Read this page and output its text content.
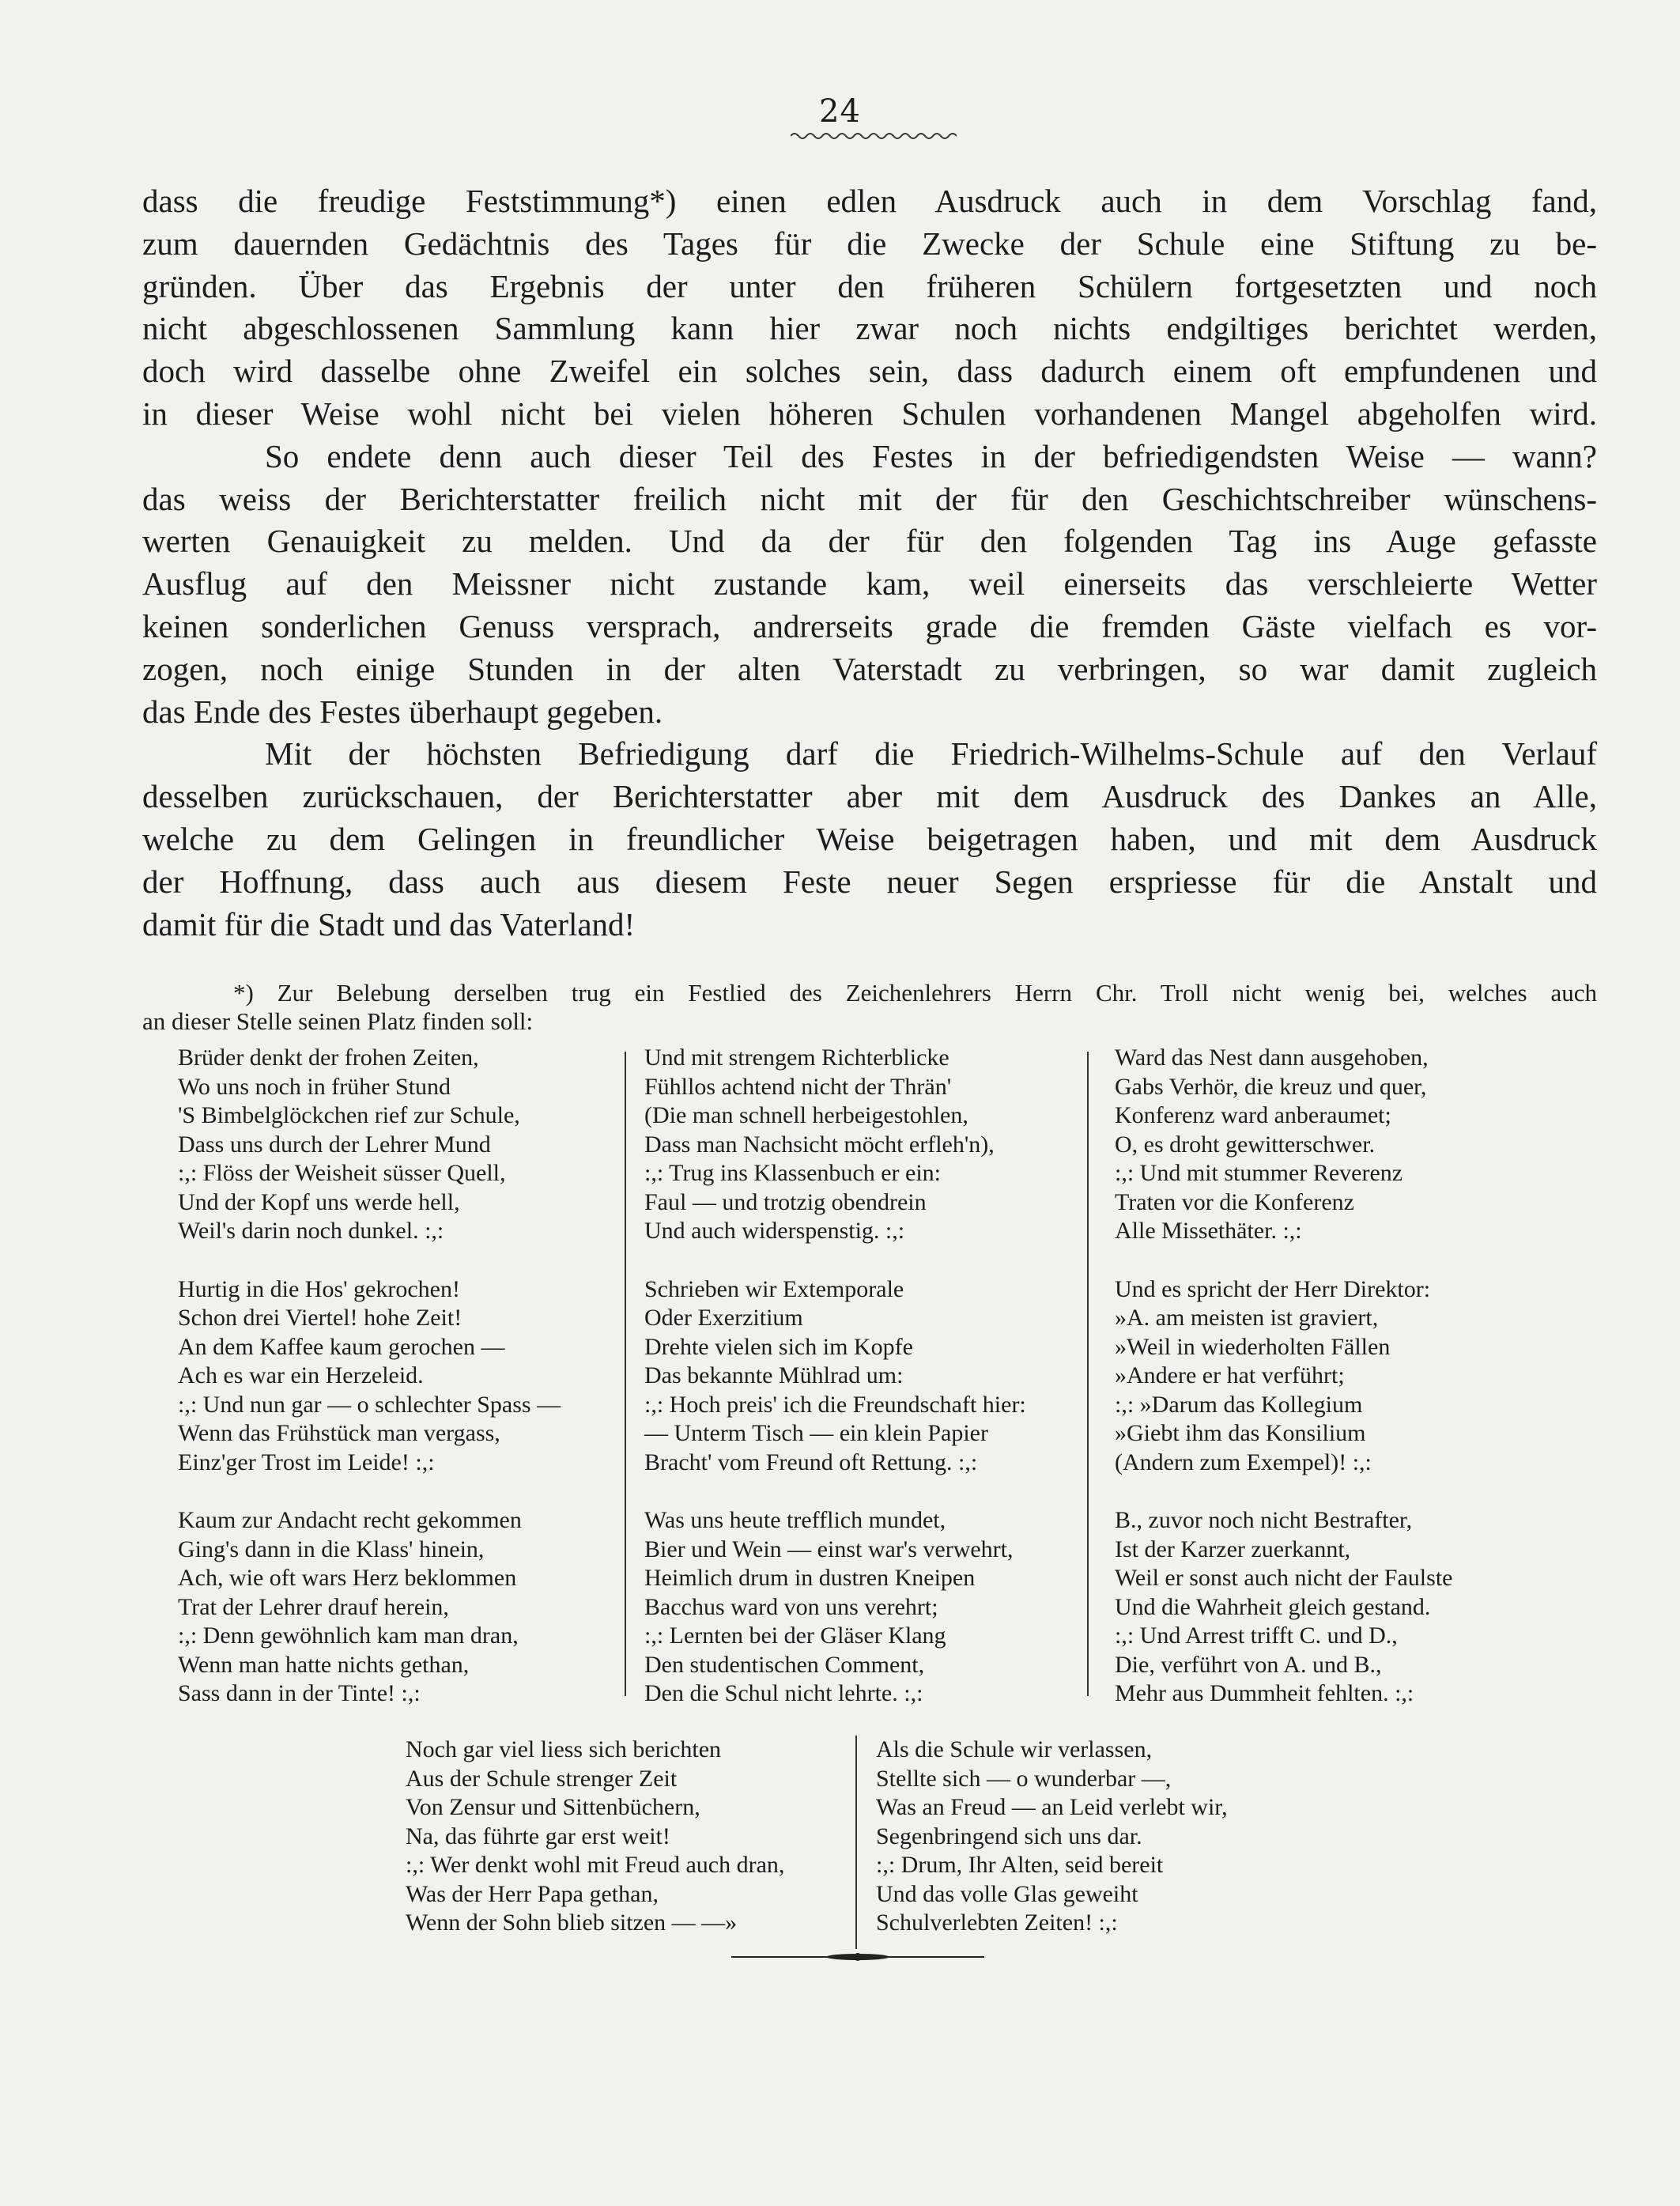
24
dass die freudige Feststimmung*) einen edlen Ausdruck auch in dem Vorschlag fand,
zum dauernden Gedächtnis des Tages für die Zwecke der Schule eine Stiftung zu be-
gründen. Über das Ergebnis der unter den früheren Schülern fortgesetzten und noch
nicht abgeschlossenen Sammlung kann hier zwar noch nichts endgiltiges berichtet werden,
doch wird dasselbe ohne Zweifel ein solches sein, dass dadurch einem oft empfundenen und
in dieser Weise wohl nicht bei vielen höheren Schulen vorhandenen Mangel abgeholfen wird.
So endete denn auch dieser Teil des Festes in der befriedigendsten Weise — wann?
das weiss der Berichterstatter freilich nicht mit der für den Geschichtschreiber wünschens-
werten Genauigkeit zu melden. Und da der für den folgenden Tag ins Auge gefasste
Ausflug auf den Meissner nicht zustande kam, weil einerseits das verschleierte Wetter
keinen sonderlichen Genuss versprach, andrerseits grade die fremden Gäste vielfach es vor-
zogen, noch einige Stunden in der alten Vaterstadt zu verbringen, so war damit zugleich
das Ende des Festes überhaupt gegeben.
Mit der höchsten Befriedigung darf die Friedrich-Wilhelms-Schule auf den Verlauf
desselben zurückschauen, der Berichterstatter aber mit dem Ausdruck des Dankes an Alle,
welche zu dem Gelingen in freundlicher Weise beigetragen haben, und mit dem Ausdruck
der Hoffnung, dass auch aus diesem Feste neuer Segen erspriesse für die Anstalt und
damit für die Stadt und das Vaterland!
*) Zur Belebung derselben trug ein Festlied des Zeichenlehrers Herrn Chr. Troll nicht wenig bei, welches auch
an dieser Stelle seinen Platz finden soll:
Brüder denkt der frohen Zeiten,
Wo uns noch in früher Stund
'S Bimbelglöckchen rief zur Schule,
Dass uns durch der Lehrer Mund
:,: Flöss der Weisheit süsser Quell,
Und der Kopf uns werde hell,
Weil's darin noch dunkel. :,:
Hurtig in die Hos' gekrochen!
Schon drei Viertel! hohe Zeit!
An dem Kaffee kaum gerochen —
Ach es war ein Herzeleid.
:,: Und nun gar — o schlechter Spass —
Wenn das Frühstück man vergass,
Einz'ger Trost im Leide! :,:
Kaum zur Andacht recht gekommen
Ging's dann in die Klass' hinein,
Ach, wie oft wars Herz beklommen
Trat der Lehrer drauf herein,
:,: Denn gewöhnlich kam man dran,
Wenn man hatte nichts gethan,
Sass dann in der Tinte! :,:
Und mit strengem Richterblicke
Fühllos achtend nicht der Thrän'
(Die man schnell herbeigestohlen,
Dass man Nachsicht möcht erfleh'n),
:,: Trug ins Klassenbuch er ein:
Faul — und trotzig obendrein
Und auch widerspenstig. :,:
Schrieben wir Extemporale
Oder Exerzitium
Drehte vielen sich im Kopfe
Das bekannte Mühlrad um:
:,: Hoch preis' ich die Freundschaft hier:
— Unterm Tisch — ein klein Papier
Bracht' vom Freund oft Rettung. :,:
Was uns heute trefflich mundet,
Bier und Wein — einst war's verwehrt,
Heimlich drum in dustren Kneipen
Bacchus ward von uns verehrt;
:,: Lernten bei der Gläser Klang
Den studentischen Comment,
Den die Schul nicht lehrte. :,:
Ward das Nest dann ausgehoben,
Gabs Verhör, die kreuz und quer,
Konferenz ward anberaumet;
O, es droht gewitterschwer.
:,: Und mit stummer Reverenz
Traten vor die Konferenz
Alle Missethäter. :,:
Und es spricht der Herr Direktor:
»A. am meisten ist graviert,
»Weil in wiederholten Fällen
»Andere er hat verführt;
:,: »Darum das Kollegium
»Giebt ihm das Konsilium
(Andern zum Exempel)! :,:
B., zuvor noch nicht Bestrafter,
Ist der Karzer zuerkannt,
Weil er sonst auch nicht der Faulste
Und die Wahrheit gleich gestand.
:,: Und Arrest trifft C. und D.,
Die, verführt von A. und B.,
Mehr aus Dummheit fehlten. :,:
Noch gar viel liess sich berichten
Aus der Schule strenger Zeit
Von Zensur und Sittenbüchern,
Na, das führte gar erst weit!
:,: Wer denkt wohl mit Freud auch dran,
Was der Herr Papa gethan,
Wenn der Sohn blieb sitzen — —»
Als die Schule wir verlassen,
Stellte sich — o wunderbar —,
Was an Freud — an Leid verlebt wir,
Segenbringend sich uns dar.
:,: Drum, Ihr Alten, seid bereit
Und das volle Glas geweiht
Schulverlebten Zeiten! :,:
